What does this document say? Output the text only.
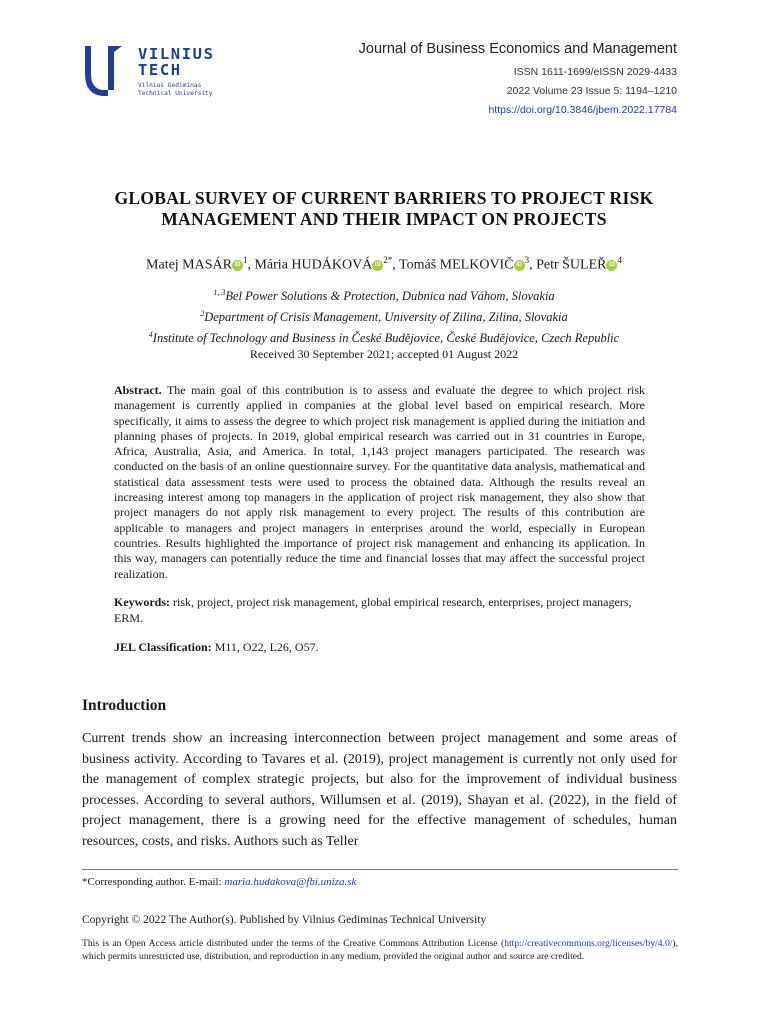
VILNIUS
TECH
Vilnius Gediminas
Technical University
Journal of Business Economics and Management
ISSN 1611-1699/eISSN 2029-4433
2022 Volume 23 Issue 5: 1194–1210
https://doi.org/10.3846/jbem.2022.17784
GLOBAL SURVEY OF CURRENT BARRIERS TO PROJECT RISK
MANAGEMENT AND THEIR IMPACT ON PROJECTS
Matej MASÁR iD $^1$, Mária HUDÁKOVÁ iD $^{2*}$, Tomáš MELKOVIČ iD $^3$, Petr ŠULEŘ iD $^4$
$^{1, 3}$Bel Power Solutions & Protection, Dubnica nad Váhom, Slovakia
$^2$Department of Crisis Management, University of Zilina, Zilina, Slovakia
$^4$Institute of Technology and Business in České Budějovice, České Budějovice, Czech Republic
Received 30 September 2021; accepted 01 August 2022
Abstract. The main goal of this contribution is to assess and evaluate the degree to which project risk management is currently applied in companies at the global level based on empirical research. More specifically, it aims to assess the degree to which project risk management is applied during the initiation and planning phases of projects. In 2019, global empirical research was carried out in 31 countries in Europe, Africa, Australia, Asia, and America. In total, 1,143 project managers participated. The research was conducted on the basis of an online questionnaire survey. For the quantitative data analysis, mathematical and statistical data assessment tests were used to process the obtained data. Although the results reveal an increasing interest among top managers in the application of project risk management, they also show that project managers do not apply risk management to every project. The results of this contribution are applicable to managers and project managers in enterprises around the world, especially in European countries. Results highlighted the importance of project risk management and enhancing its application. In this way, managers can potentially reduce the time and financial losses that may affect the successful project realization.
Keywords: risk, project, project risk management, global empirical research, enterprises, project managers, ERM.
JEL Classification: M11, O22, L26, O57.
Introduction
Current trends show an increasing interconnection between project management and some areas of business activity. According to Tavares et al. (2019), project management is currently not only used for the management of complex strategic projects, but also for the improvement of individual business processes. According to several authors, Willumsen et al. (2019), Shayan et al. (2022), in the field of project management, there is a growing need for the effective management of schedules, human resources, costs, and risks. Authors such as Teller
*Corresponding author. E-mail: maria.hudakova@fbi.uniza.sk
Copyright © 2022 The Author(s). Published by Vilnius Gediminas Technical University
This is an Open Access article distributed under the terms of the Creative Commons Attribution License (http://creativecommons.org/licenses/by/4.0/), which permits unrestricted use, distribution, and reproduction in any medium, provided the original author and source are credited.
